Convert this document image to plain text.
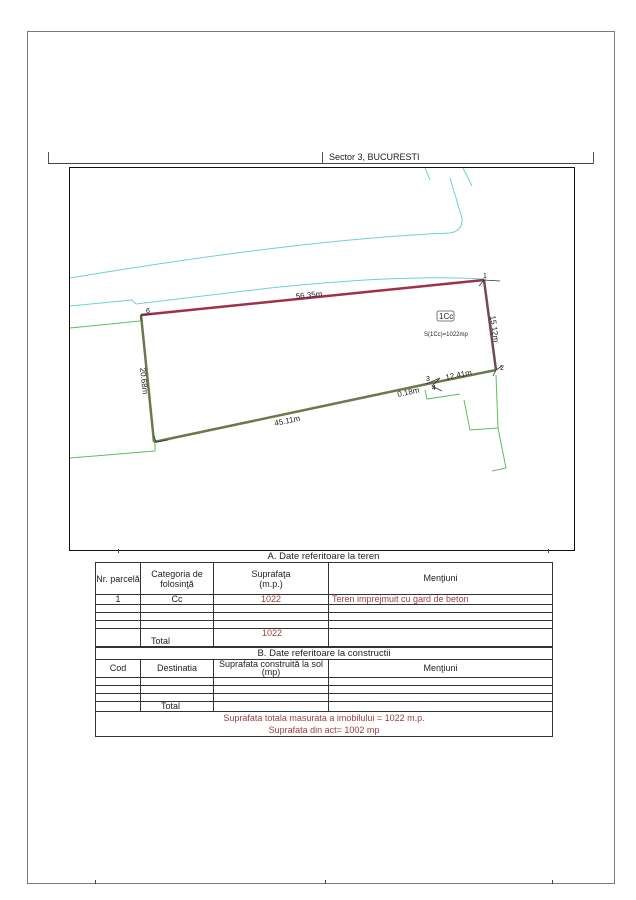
Sector 3, BUCURESTI
1
2
3
4
6
56.35m
15.12m
12.41m
0.18m
45.11m
20.68m
1Cc
S(1Cc)=1022mp
A. Date referitoare la teren
Nr. parcelă	Categoria de folosinţă	Suprafaţa (m.p.)	Menţiuni
1	Cc	1022	Teren imprejmuit cu gard de beton

	Total	1022	
B. Date referitoare la constructii			
Cod	Destinatia	Suprafata construită la sol (mp)	Menţiuni

	Total		

Suprafata totala masurata a imobilului = 1022 m.p.
Suprafata din act= 1002 mp			
